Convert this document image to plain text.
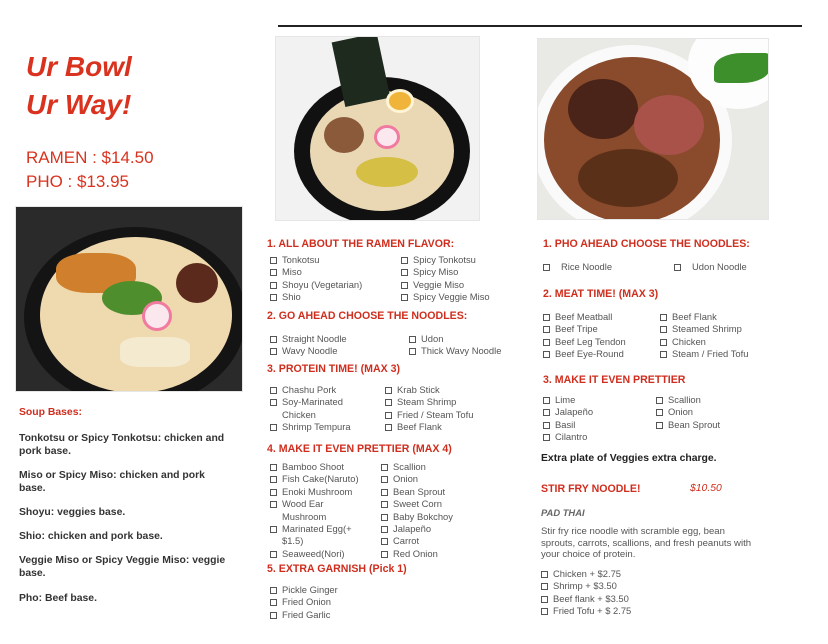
Ur Bowl
Ur Way!
RAMEN : $14.50
PHO : $13.95
Soup Bases:
Tonkotsu or Spicy Tonkotsu: chicken and pork base.
Miso or Spicy Miso: chicken and pork base.
Shoyu: veggies base.
Shio: chicken and pork base.
Veggie Miso or Spicy Veggie Miso: veggie base.
Pho: Beef base.
1. ALL ABOUT THE RAMEN FLAVOR:
Tonkotsu
Miso
Shoyu (Vegetarian)
Shio
Spicy Tonkotsu
Spicy Miso
Veggie Miso
Spicy Veggie Miso
2. GO AHEAD CHOOSE THE NOODLES:
Straight Noodle
Wavy Noodle
Udon
Thick Wavy Noodle
3. PROTEIN TIME! (MAX 3)
Chashu Pork
Soy-Marinated
Chicken
Shrimp Tempura
Krab Stick
Steam Shrimp
Fried / Steam Tofu
Beef Flank
4. MAKE IT EVEN PRETTIER (MAX 4)
Bamboo Shoot
Fish Cake(Naruto)
Enoki Mushroom
Wood Ear
Mushroom
Marinated Egg(+
$1.5)
Seaweed(Nori)
Scallion
Onion
Bean Sprout
Sweet Corn
Baby Bokchoy
Jalapeño
Carrot
Red Onion
5. EXTRA GARNISH (Pick 1)
Pickle Ginger
Fried Onion
Fried Garlic
1. PHO AHEAD CHOOSE THE NOODLES:
Rice Noodle	Udon Noodle
2. MEAT TIME! (MAX 3)
Beef Meatball
Beef Tripe
Beef Leg Tendon
Beef Eye-Round
Beef Flank
Steamed Shrimp
Chicken
Steam / Fried Tofu
3. MAKE IT EVEN PRETTIER
Lime
Jalapeño
Basil
Cilantro
Scallion
Onion
Bean Sprout
Extra plate of Veggies extra charge.
STIR FRY NOODLE!	$10.50
PAD THAI
Stir fry rice noodle with scramble egg, bean
sprouts, carrots, scallions, and fresh peanuts with
your choice of protein.
Chicken + $2.75
Shrimp + $3.50
Beef flank + $3.50
Fried Tofu + $ 2.75
